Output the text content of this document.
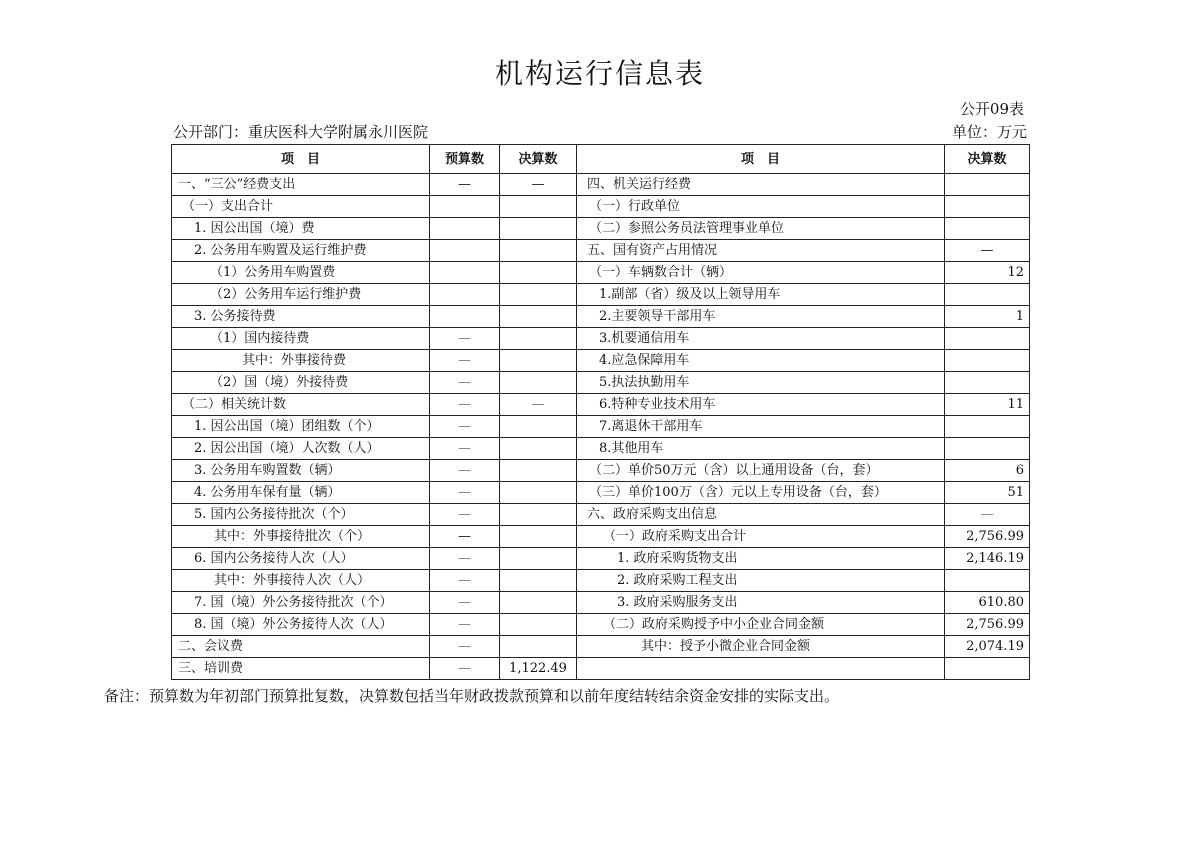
机构运行信息表
公开09表
公开部门：重庆医科大学附属永川医院	单位：万元
项　目	预算数	决算数	项　目	决算数
一、“三公”经费支出	—	—	四、机关运行经费	
（一）支出合计			（一）行政单位	
1. 因公出国（境）费			（二）参照公务员法管理事业单位	
2. 公务用车购置及运行维护费			五、国有资产占用情况	—
（1）公务用车购置费			（一）车辆数合计（辆）	12
（2）公务用车运行维护费			1.副部（省）级及以上领导用车	
3. 公务接待费			2.主要领导干部用车	1
（1）国内接待费	—		3.机要通信用车	
其中：外事接待费	—		4.应急保障用车	
（2）国（境）外接待费	—		5.执法执勤用车	
（二）相关统计数	—	—	6.特种专业技术用车	11
1. 因公出国（境）团组数（个）	—		7.离退休干部用车	
2. 因公出国（境）人次数（人）	—		8.其他用车	
3. 公务用车购置数（辆）	—		（二）单价50万元（含）以上通用设备（台，套）	6
4. 公务用车保有量（辆）	—		（三）单价100万（含）元以上专用设备（台，套）	51
5. 国内公务接待批次（个）	—		六、政府采购支出信息	—
其中：外事接待批次（个）	—		（一）政府采购支出合计	2,756.99
6. 国内公务接待人次（人）	—		1. 政府采购货物支出	2,146.19
其中：外事接待人次（人）	—		2. 政府采购工程支出	
7. 国（境）外公务接待批次（个）	—		3. 政府采购服务支出	610.80
8. 国（境）外公务接待人次（人）	—		（二）政府采购授予中小企业合同金额	2,756.99
二、会议费	—		其中：授予小微企业合同金额	2,074.19
三、培训费	—	1,122.49		
备注：预算数为年初部门预算批复数，决算数包括当年财政拨款预算和以前年度结转结余资金安排的实际支出。
